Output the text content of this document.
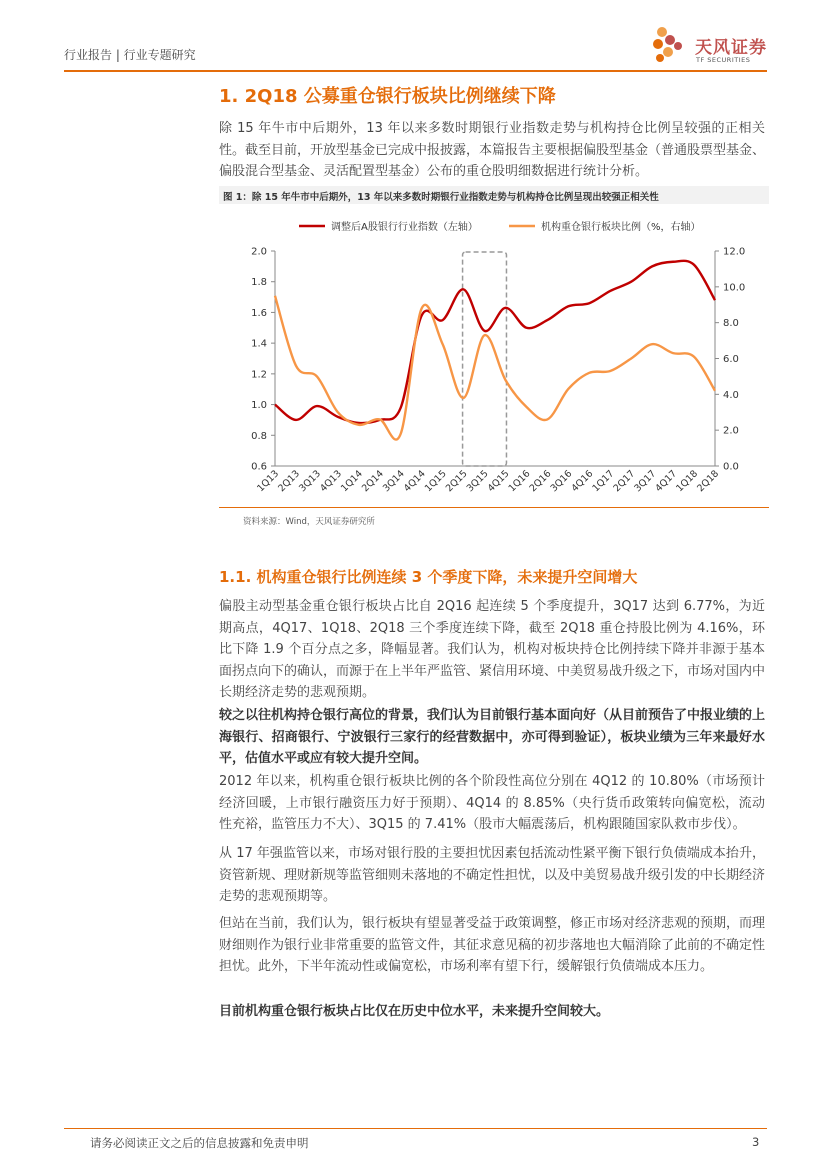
行业报告 | 行业专题研究	天风证券
TF SECURITIES
1. 2Q18 公募重仓银行板块比例继续下降
除 15 年牛市中后期外，13 年以来多数时期银行业指数走势与机构持仓比例呈较强的正相关性。截至目前，开放型基金已完成中报披露，本篇报告主要根据偏股型基金（普通股票型基金、偏股混合型基金、灵活配置型基金）公布的重仓股明细数据进行统计分析。
图 1：除 15 年牛市中后期外，13 年以来多数时期银行业指数走势与机构持仓比例呈现出较强正相关性
调整后A股银行行业指数（左轴）	机构重仓银行板块比例（%，右轴）
0.6
0.8
1.0
1.2
1.4
1.6
1.8
2.0
0.0
2.0
4.0
6.0
8.0
10.0
12.0
1Q13
2Q13
3Q13
4Q13
1Q14
2Q14
3Q14
4Q14
1Q15
2Q15
3Q15
4Q15
1Q16
2Q16
3Q16
4Q16
1Q17
2Q17
3Q17
4Q17
1Q18
2Q18
资料来源：Wind，天风证券研究所
1.1. 机构重仓银行比例连续 3 个季度下降，未来提升空间增大
偏股主动型基金重仓银行板块占比自 2Q16 起连续 5 个季度提升，3Q17 达到 6.77%，为近期高点，4Q17、1Q18、2Q18 三个季度连续下降，截至 2Q18 重仓持股比例为 4.16%，环比下降 1.9 个百分点之多，降幅显著。我们认为，机构对板块持仓比例持续下降并非源于基本面拐点向下的确认，而源于在上半年严监管、紧信用环境、中美贸易战升级之下，市场对国内中长期经济走势的悲观预期。
较之以往机构持仓银行高位的背景，我们认为目前银行基本面向好（从目前预告了中报业绩的上海银行、招商银行、宁波银行三家行的经营数据中，亦可得到验证），板块业绩为三年来最好水平，估值水平或应有较大提升空间。
2012 年以来，机构重仓银行板块比例的各个阶段性高位分别在 4Q12 的 10.80%（市场预计经济回暖，上市银行融资压力好于预期）、4Q14 的 8.85%（央行货币政策转向偏宽松，流动性充裕，监管压力不大）、3Q15 的 7.41%（股市大幅震荡后，机构跟随国家队救市步伐）。
从 17 年强监管以来，市场对银行股的主要担忧因素包括流动性紧平衡下银行负债端成本抬升，资管新规、理财新规等监管细则未落地的不确定性担忧，以及中美贸易战升级引发的中长期经济走势的悲观预期等。
但站在当前，我们认为，银行板块有望显著受益于政策调整，修正市场对经济悲观的预期，而理财细则作为银行业非常重要的监管文件，其征求意见稿的初步落地也大幅消除了此前的不确定性担忧。此外，下半年流动性或偏宽松，市场利率有望下行，缓解银行负债端成本压力。
目前机构重仓银行板块占比仅在历史中位水平，未来提升空间较大。
请务必阅读正文之后的信息披露和免责申明	3
